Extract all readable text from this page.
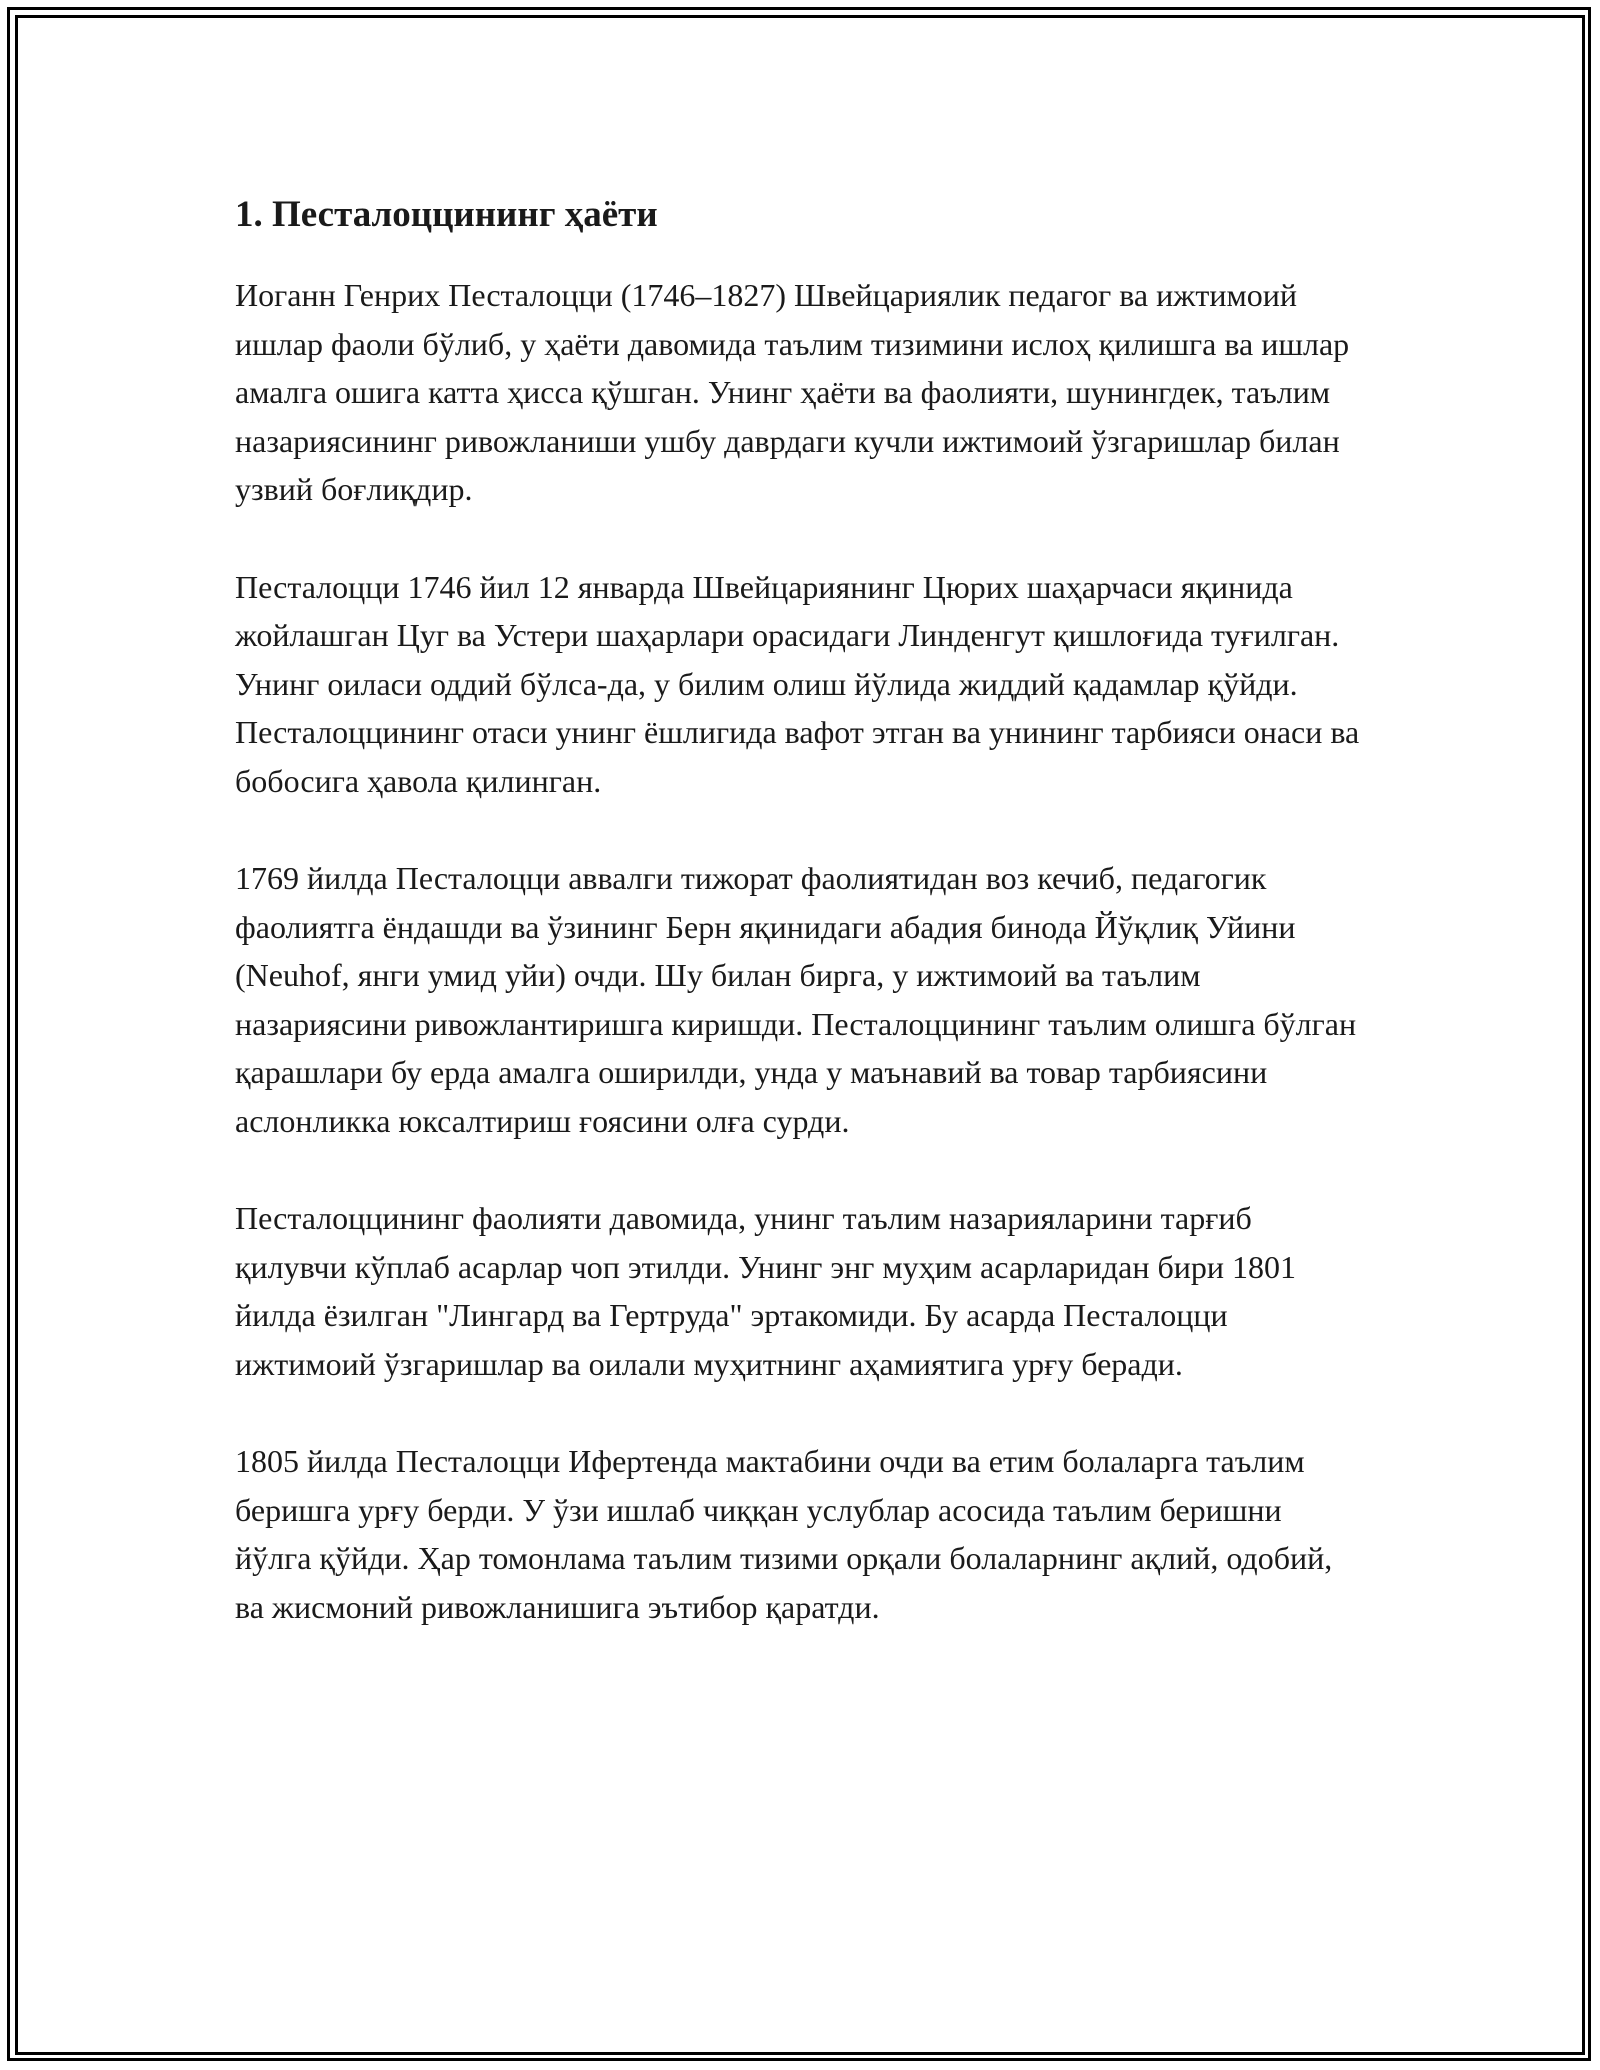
1. Песталоццининг ҳаёти

Иоганн Генрих Песталоцци (1746–1827) Швейцариялик педагог ва ижтимоий ишлар фаоли бўлиб, у ҳаёти давомида таълим тизимини ислоҳ қилишга ва ишлар амалга ошига катта ҳисса қўшган. Унинг ҳаёти ва фаолияти, шунингдек, таълим назариясининг ривожланиши ушбу даврдаги кучли ижтимоий ўзгаришлар билан узвий боғлиқдир.

Песталоцци 1746 йил 12 январда Швейцариянинг Цюрих шаҳарчаси яқинида жойлашган Цуг ва Устери шаҳарлари орасидаги Линденгут қишлоғида туғилган. Унинг оиласи оддий бўлса-да, у билим олиш йўлида жиддий қадамлар қўйди. Песталоццининг отаси унинг ёшлигида вафот этган ва унининг тарбияси онаси ва бобосига ҳавола қилинган.

1769 йилда Песталоцци аввалги тижорат фаолиятидан воз кечиб, педагогик фаолиятга ёндашди ва ўзининг Берн яқинидаги абадия бинода Йўқлиқ Уйини (Neuhof, янги умид уйи) очди. Шу билан бирга, у ижтимоий ва таълим назариясини ривожлантиришга киришди. Песталоццининг таълим олишга бўлган қарашлари бу ерда амалга оширилди, унда у маънавий ва товар тарбиясини аслонликка юксалтириш ғоясини олға сурди.

Песталоццининг фаолияти давомида, унинг таълим назарияларини тарғиб қилувчи кўплаб асарлар чоп этилди. Унинг энг муҳим асарларидан бири 1801 йилда ёзилган "Лингард ва Гертруда" эртакомиди. Бу асарда Песталоцци ижтимоий ўзгаришлар ва оилали муҳитнинг аҳамиятига урғу беради.

1805 йилда Песталоцци Ифертенда мактабини очди ва етим болаларга таълим беришга урғу берди. У ўзи ишлаб чиққан услублар асосида таълим беришни йўлга қўйди. Ҳар томонлама таълим тизими орқали болаларнинг ақлий, одобий, ва жисмоний ривожланишига эътибор қаратди.
